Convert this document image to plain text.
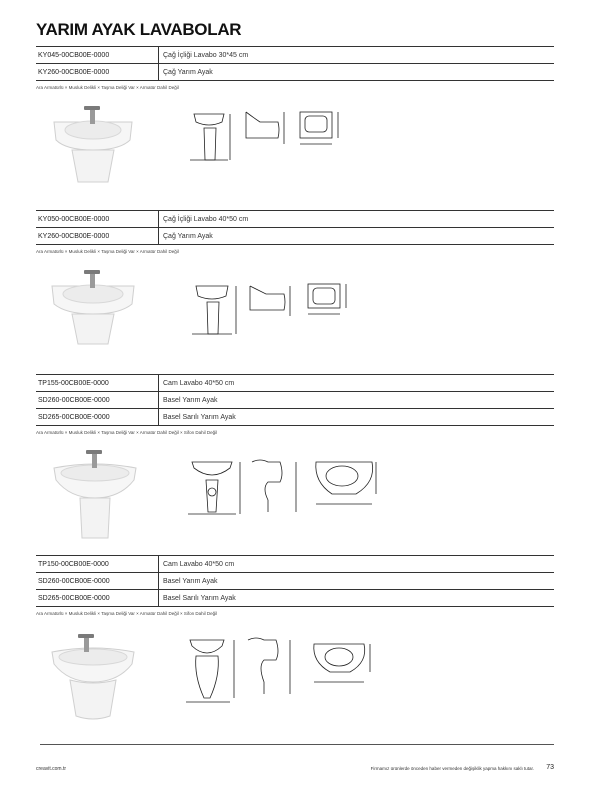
YARIM AYAK LAVABOLAR
KY045-00CB00E-0000	Çağ İçliği Lavabo 30*45 cm
KY260-00CB00E-0000	Çağ Yarım Ayak
Ara Armatürlü × Musluk Delikli × Taşma Deliği Var × Armatür Dahil Değil
KY050-00CB00E-0000	Çağ İçliği Lavabo 40*50 cm
KY260-00CB00E-0000	Çağ Yarım Ayak
Ara Armatürlü × Musluk Delikli × Taşma Deliği Var × Armatür Dahil Değil
TP155-00CB00E-0000	Cam Lavabo 40*50 cm
SD260-00CB00E-0000	Basel Yarım Ayak
SD265-00CB00E-0000	Basel Sarılı Yarım Ayak
Ara Armatürlü × Musluk Delikli × Taşma Deliği Var × Armatür Dahil Değil × Sifon Dahil Değil
TP150-00CB00E-0000	Cam Lavabo 40*50 cm
SD260-00CB00E-0000	Basel Yarım Ayak
SD265-00CB00E-0000	Basel Sarılı Yarım Ayak
Ara Armatürlü × Musluk Delikli × Taşma Deliği Var × Armatür Dahil Değil × Sifon Dahil Değil
creavit.com.tr	Firmamız ürünlerde önceden haber vermeden değişiklik yapma hakkını saklı tutar. 73
